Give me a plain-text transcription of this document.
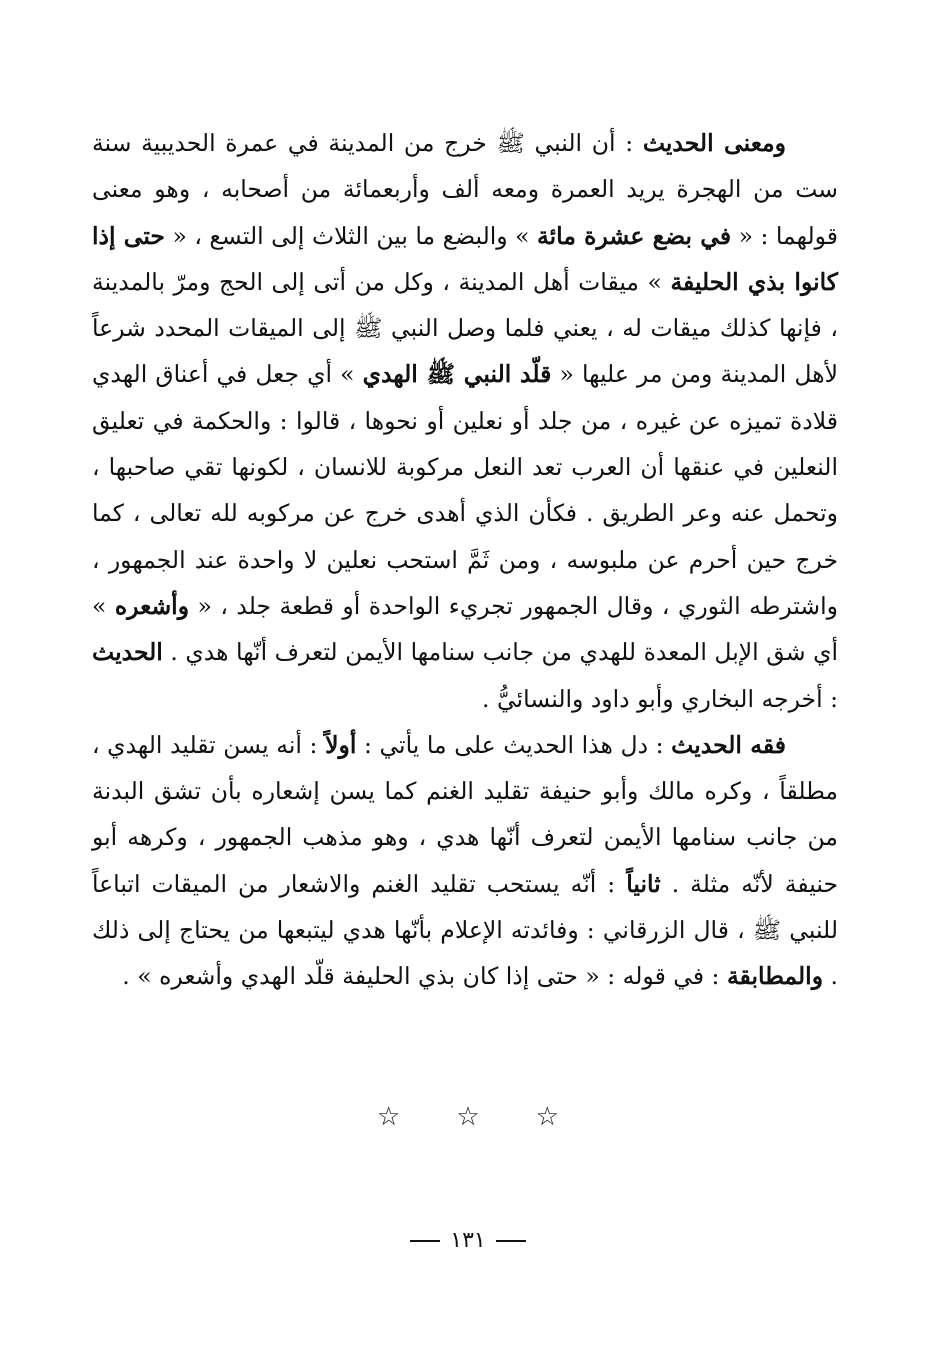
ومعنى الحديث : أن النبي ﷺ خرج من المدينة في عمرة الحديبية سنة ست من الهجرة يريد العمرة ومعه ألف وأربعمائة من أصحابه ، وهو معنى قولهما : « في بضع عشرة مائة » والبضع ما بين الثلاث إلى التسع ، « حتى إذا كانوا بذي الحليفة » ميقات أهل المدينة ، وكل من أتى إلى الحج ومرّ بالمدينة ، فإنها كذلك ميقات له ، يعني فلما وصل النبي ﷺ إلى الميقات المحدد شرعاً لأهل المدينة ومن مر عليها « قلّد النبي ﷺ الهدي » أي جعل في أعناق الهدي قلادة تميزه عن غيره ، من جلد أو نعلين أو نحوها ، قالوا : والحكمة في تعليق النعلين في عنقها أن العرب تعد النعل مركوبة للانسان ، لكونها تقي صاحبها ، وتحمل عنه وعر الطريق . فكأن الذي أهدى خرج عن مركوبه لله تعالى ، كما خرج حين أحرم عن ملبوسه ، ومن ثَمَّ استحب نعلين لا واحدة عند الجمهور ، واشترطه الثوري ، وقال الجمهور تجريء الواحدة أو قطعة جلد ، « وأشعره » أي شق الإبل المعدة للهدي من جانب سنامها الأيمن لتعرف أنّها هدي . الحديث : أخرجه البخاري وأبو داود والنسائيُّ .

فقه الحديث : دل هذا الحديث على ما يأتي : أولاً : أنه يسن تقليد الهدي ، مطلقاً ، وكره مالك وأبو حنيفة تقليد الغنم كما يسن إشعاره بأن تشق البدنة من جانب سنامها الأيمن لتعرف أنّها هدي ، وهو مذهب الجمهور ، وكرهه أبو حنيفة لأنّه مثلة . ثانياً : أنّه يستحب تقليد الغنم والاشعار من الميقات اتباعاً للنبي ﷺ ، قال الزرقاني : وفائدته الإعلام بأنّها هدي ليتبعها من يحتاج إلى ذلك . والمطابقة : في قوله : « حتى إذا كان بذي الحليفة قلّد الهدي وأشعره » .

☆ ☆ ☆
١٣١
